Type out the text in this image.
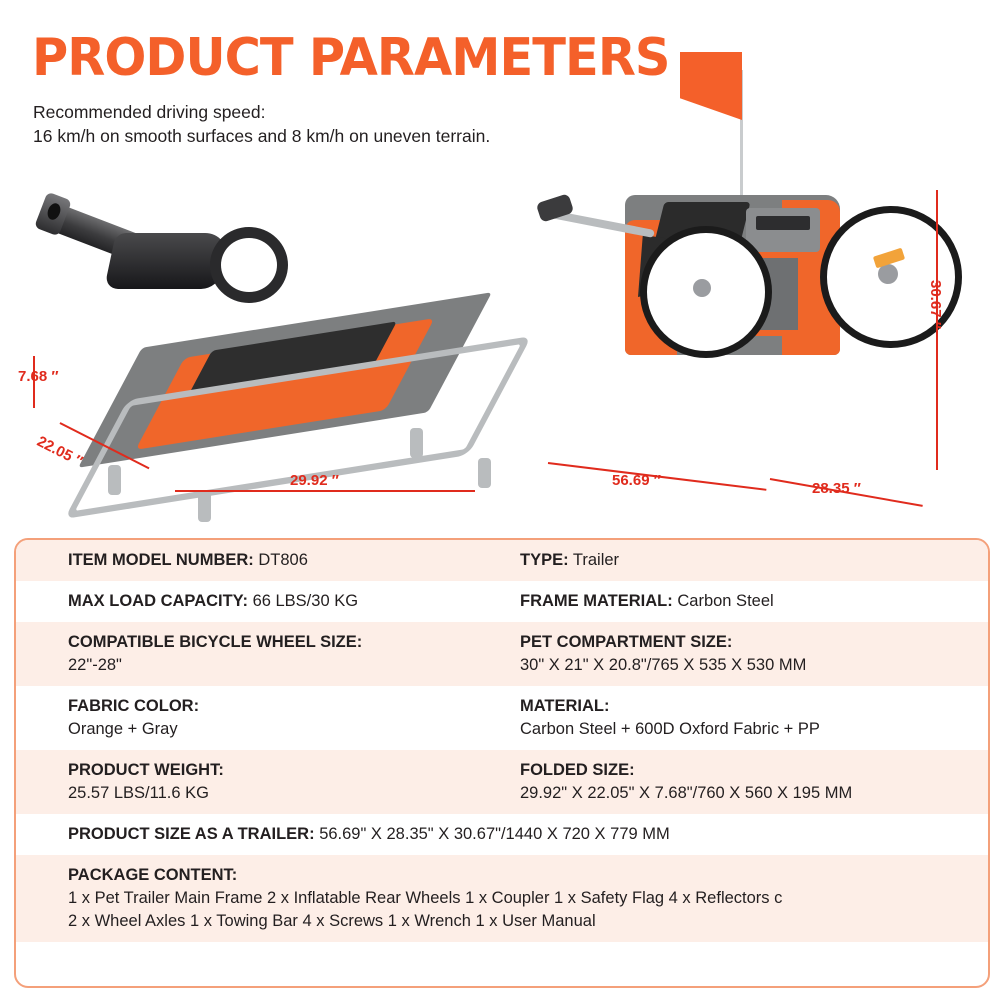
PRODUCT PARAMETERS
Recommended driving speed:
16 km/h on smooth surfaces and 8 km/h on uneven terrain.
7.68 ″
22.05 ″
29.92 ″
30.67 ″
56.69 ″	28.35 ″
ITEM MODEL NUMBER: DT806	TYPE: Trailer
MAX LOAD CAPACITY: 66 LBS/30 KG	FRAME MATERIAL: Carbon Steel
COMPATIBLE BICYCLE WHEEL SIZE:
22"-28"
PET COMPARTMENT SIZE:
30" X 21" X 20.8"/765 X 535 X 530 MM
FABRIC COLOR:
Orange + Gray
MATERIAL:
Carbon Steel + 600D Oxford Fabric + PP
PRODUCT WEIGHT:
25.57 LBS/11.6 KG
FOLDED SIZE:
29.92" X 22.05" X 7.68"/760 X 560 X 195 MM
PRODUCT SIZE AS A TRAILER: 56.69" X 28.35" X 30.67"/1440 X 720 X 779 MM
PACKAGE CONTENT:
1 x Pet Trailer Main Frame 2 x Inflatable Rear Wheels 1 x Coupler 1 x Safety Flag 4 x Reflectors c
2 x Wheel Axles 1 x Towing Bar 4 x Screws 1 x Wrench 1 x User Manual
